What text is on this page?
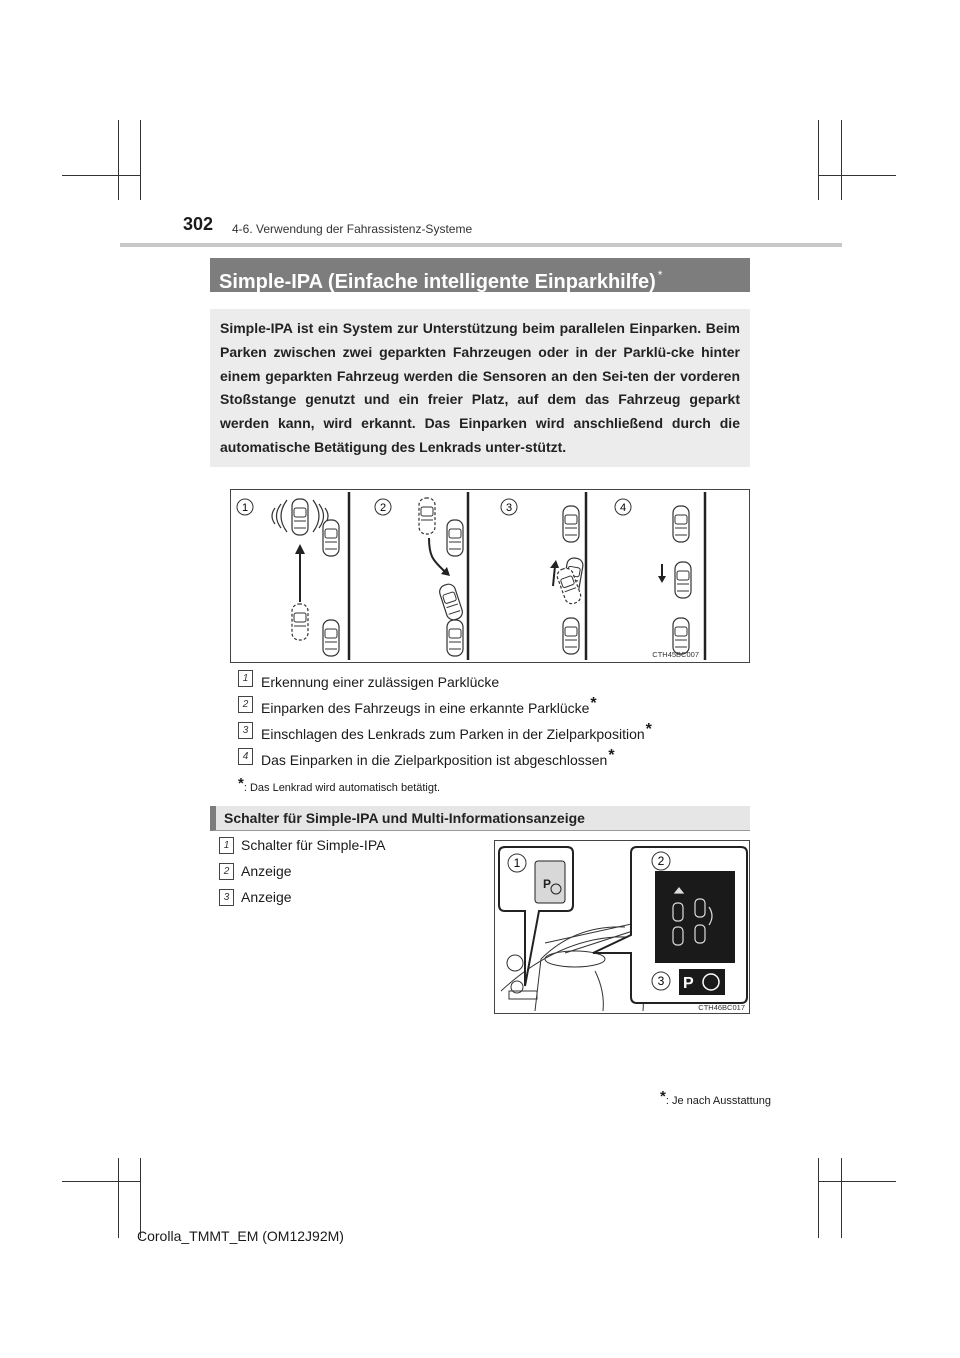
302 4-6. Verwendung der Fahrassistenz-Systeme
Simple-IPA (Einfache intelligente Einparkhilfe) *
Simple-IPA ist ein System zur Unterstützung beim parallelen Einparken. Beim Parken zwischen zwei geparkten Fahrzeugen oder in der Parklü-cke hinter einem geparkten Fahrzeug werden die Sensoren an den Sei-ten der vorderen Stoßstange genutzt und ein freier Platz, auf dem das Fahrzeug geparkt werden kann, wird erkannt. Das Einparken wird anschließend durch die automatische Betätigung des Lenkrads unter-stützt.
1	2	3	4
CTH45BC007
1 Erkennung einer zulässigen Parklücke
2 Einparken des Fahrzeugs in eine erkannte Parklücke*
3 Einschlagen des Lenkrads zum Parken in der Zielparkposition*
4 Das Einparken in die Zielparkposition ist abgeschlossen*
*: Das Lenkrad wird automatisch betätigt.
Schalter für Simple-IPA und Multi-Informationsanzeige
1 Schalter für Simple-IPA
2 Anzeige
3 Anzeige
P
1
P
2
3
CTH46BC017
*: Je nach Ausstattung
Corolla_TMMT_EM (OM12J92M)
